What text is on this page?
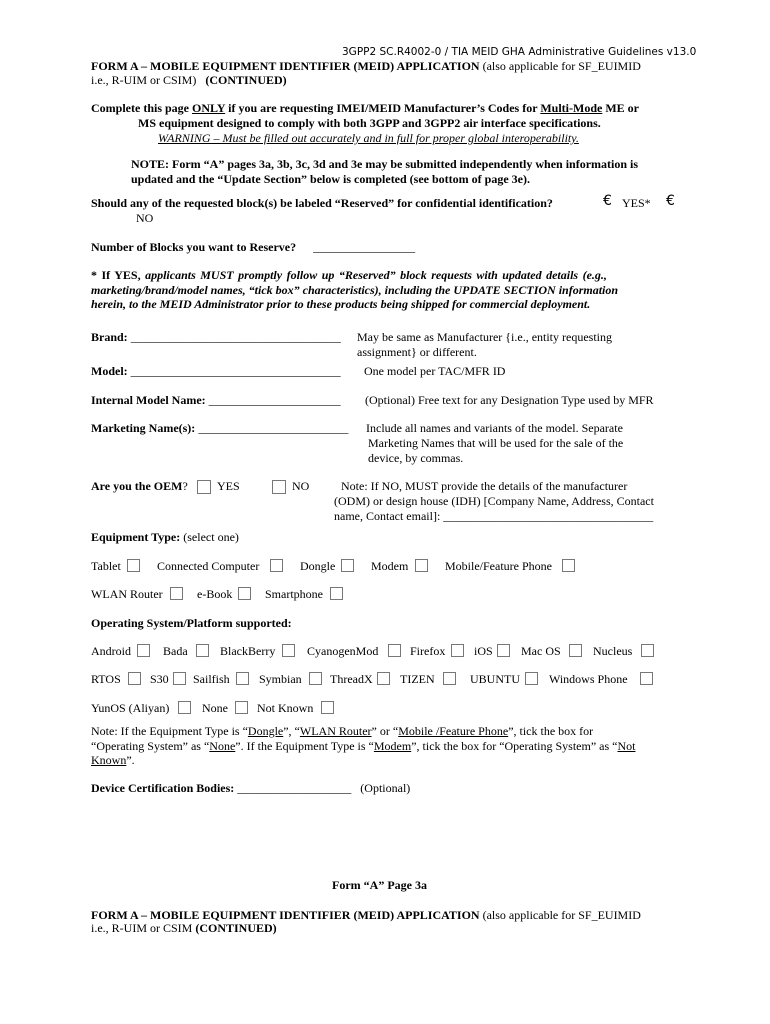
3GPP2 SC.R4002-0 / TIA MEID GHA Administrative Guidelines v13.0
FORM A – MOBILE EQUIPMENT IDENTIFIER (MEID) APPLICATION (also applicable for SF_EUIMID
i.e., R-UIM or CSIM) (CONTINUED)
Complete this page ONLY if you are requesting IMEI/MEID Manufacturer’s Codes for Multi-Mode ME or
MS equipment designed to comply with both 3GPP and 3GPP2 air interface specifications.
WARNING – Must be filled out accurately and in full for proper global interoperability.
NOTE: Form “A” pages 3a, 3b, 3c, 3d and 3e may be submitted independently when information is
updated and the “Update Section” below is completed (see bottom of page 3e).
Should any of the requested block(s) be labeled “Reserved” for confidential identification?	€ YES* €
NO
Number of Blocks you want to Reserve? _________________
* If YES, applicants MUST promptly follow up “Reserved” block requests with updated details (e.g.,
marketing/brand/model names, “tick box” characteristics), including the UPDATE SECTION information
herein, to the MEID Administrator prior to these products being shipped for commercial deployment.
Brand: ___________________________________ May be same as Manufacturer {i.e., entity requesting
assignment} or different.
Model: ___________________________________ One model per TAC/MFR ID
Internal Model Name: ______________________ (Optional) Free text for any Designation Type used by MFR
Marketing Name(s): _________________________ Include all names and variants of the model. Separate
Marketing Names that will be used for the sale of the
device, by commas.
Are you the OEM? YES	NO	Note: If NO, MUST provide the details of the manufacturer
(ODM) or design house (IDH) [Company Name, Address, Contact
name, Contact email]: ___________________________________
Equipment Type: (select one)
Tablet	Connected Computer	Dongle	Modem	Mobile/Feature Phone
WLAN Router	e-Book	Smartphone
Operating System/Platform supported:
Android	Bada	BlackBerry	CyanogenMod	Firefox iOS Mac OS	Nucleus
RTOS S30 Sailfish Symbian ThreadX TIZEN	UBUNTU Windows Phone
YunOS (Aliyan)	None Not Known
Note: If the Equipment Type is “Dongle”, “WLAN Router” or “Mobile /Feature Phone”, tick the box for
“Operating System” as “None”. If the Equipment Type is “Modem”, tick the box for “Operating System” as “Not
Known”.
Device Certification Bodies: ___________________ (Optional)
Form “A” Page 3a
FORM A – MOBILE EQUIPMENT IDENTIFIER (MEID) APPLICATION (also applicable for SF_EUIMID
i.e., R-UIM or CSIM (CONTINUED)
